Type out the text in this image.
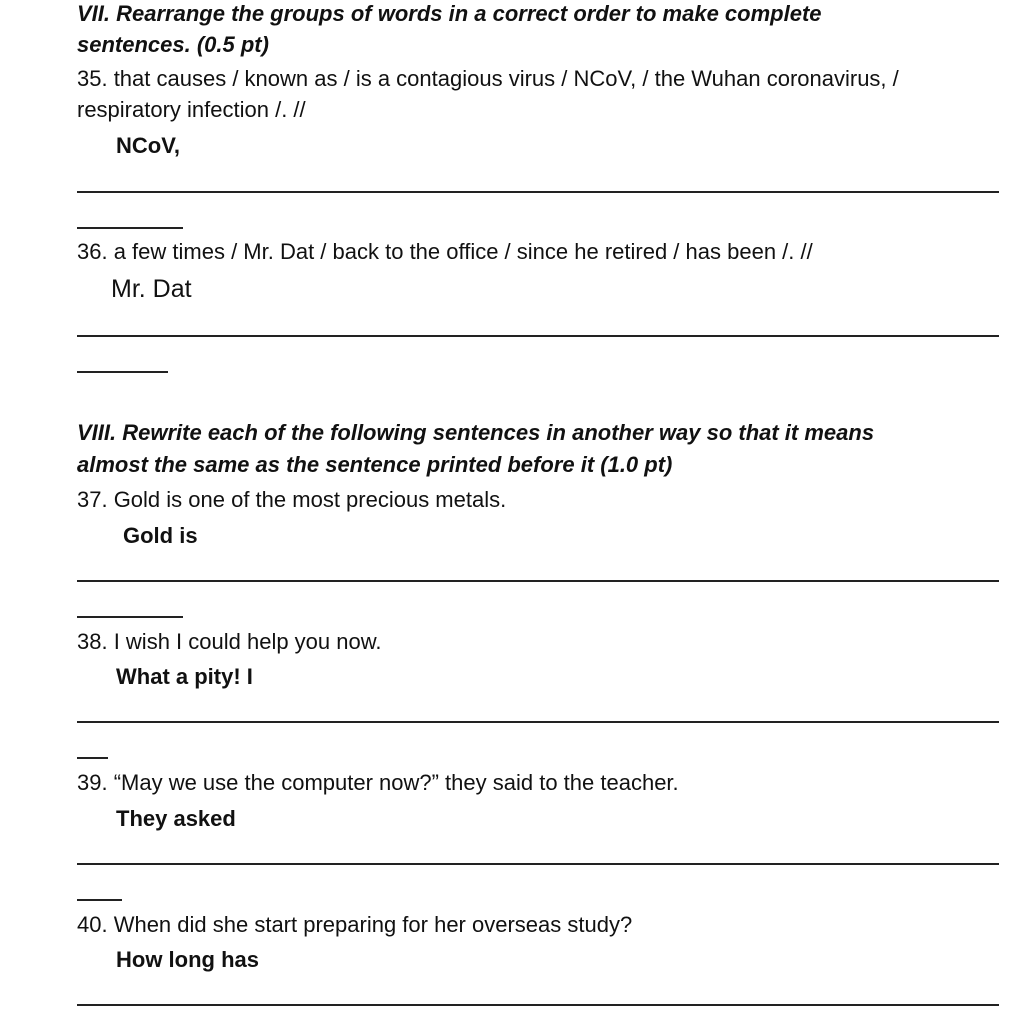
VII. Rearrange the groups of words in a correct order to make complete
sentences. (0.5 pt)
35. that causes / known as / is a contagious virus / NCoV, / the Wuhan coronavirus, /
respiratory infection /. //
NCoV,
36. a few times / Mr. Dat / back to the office / since he retired / has been /. //
Mr. Dat
VIII. Rewrite each of the following sentences in another way so that it means
almost the same as the sentence printed before it (1.0 pt)
37. Gold is one of the most precious metals.
Gold is
38. I wish I could help you now.
What a pity! I
39. “May we use the computer now?” they said to the teacher.
They asked
40. When did she start preparing for her overseas study?
How long has
